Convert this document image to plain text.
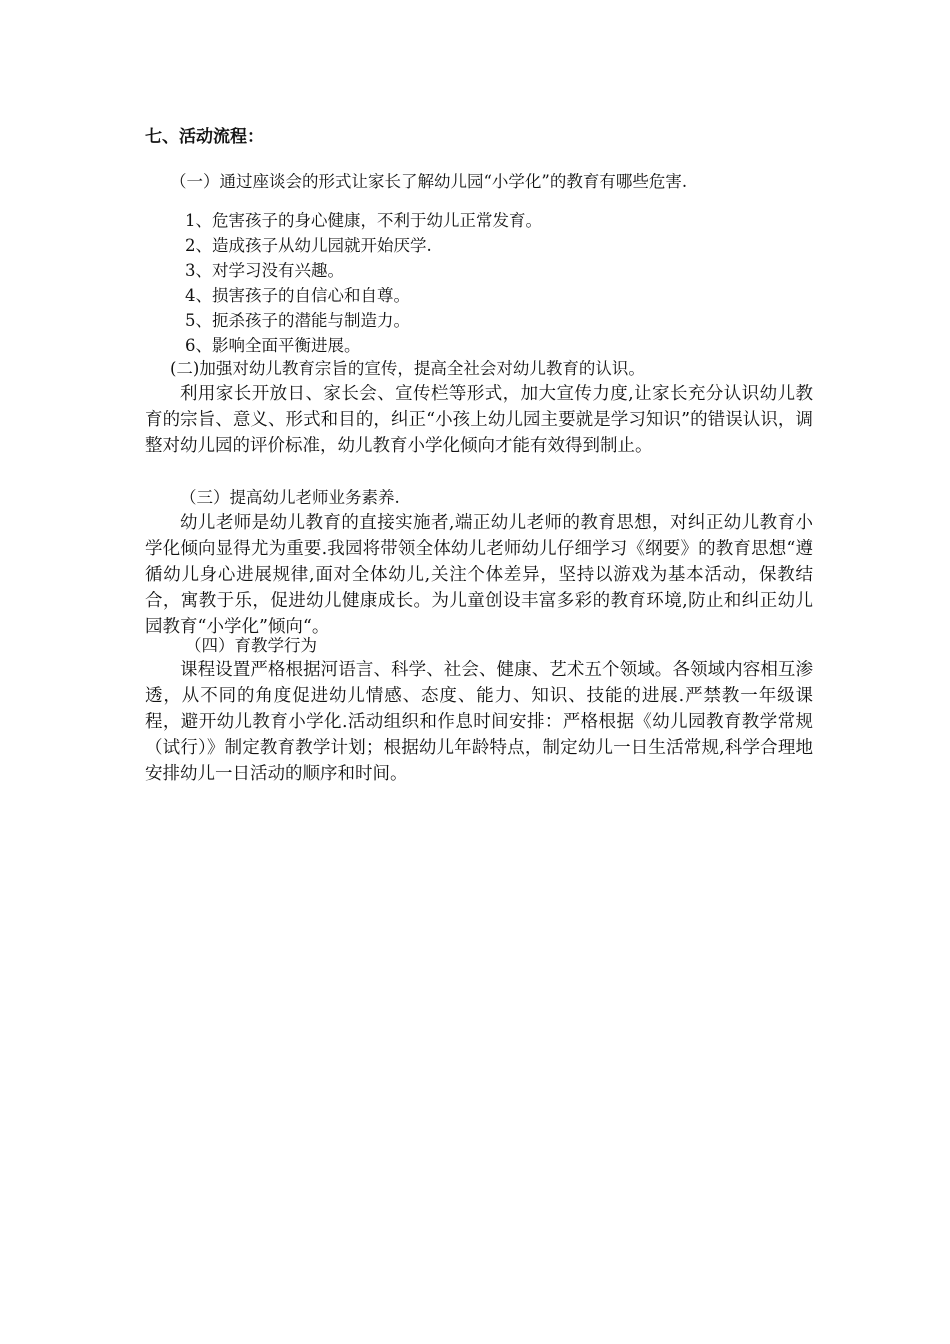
七、活动流程：
（一）通过座谈会的形式让家长了解幼儿园“小学化”的教育有哪些危害.
1、危害孩子的身心健康，不利于幼儿正常发育。
2、造成孩子从幼儿园就开始厌学.
3、对学习没有兴趣。
4、损害孩子的自信心和自尊。
5、扼杀孩子的潜能与制造力。
6、影响全面平衡进展。
(二)加强对幼儿教育宗旨的宣传，提高全社会对幼儿教育的认识。
利用家长开放日、家长会、宣传栏等形式，加大宣传力度,让家长充分认识幼儿教育的宗旨、意义、形式和目的，纠正“小孩上幼儿园主要就是学习知识”的错误认识，调整对幼儿园的评价标准，幼儿教育小学化倾向才能有效得到制止。
（三）提高幼儿老师业务素养.
幼儿老师是幼儿教育的直接实施者,端正幼儿老师的教育思想，对纠正幼儿教育小学化倾向显得尤为重要.我园将带领全体幼儿老师幼儿仔细学习《纲要》的教育思想“遵循幼儿身心进展规律,面对全体幼儿,关注个体差异，坚持以游戏为基本活动，保教结合，寓教于乐，促进幼儿健康成长。为儿童创设丰富多彩的教育环境,防止和纠正幼儿园教育“小学化”倾向“。
（四）育教学行为
课程设置严格根据河语言、科学、社会、健康、艺术五个领域。各领域内容相互渗透，从不同的角度促进幼儿情感、态度、能力、知识、技能的进展.严禁教一年级课程，避开幼儿教育小学化.活动组织和作息时间安排：严格根据《幼儿园教育教学常规（试行）》制定教育教学计划；根据幼儿年龄特点，制定幼儿一日生活常规,科学合理地安排幼儿一日活动的顺序和时间。
